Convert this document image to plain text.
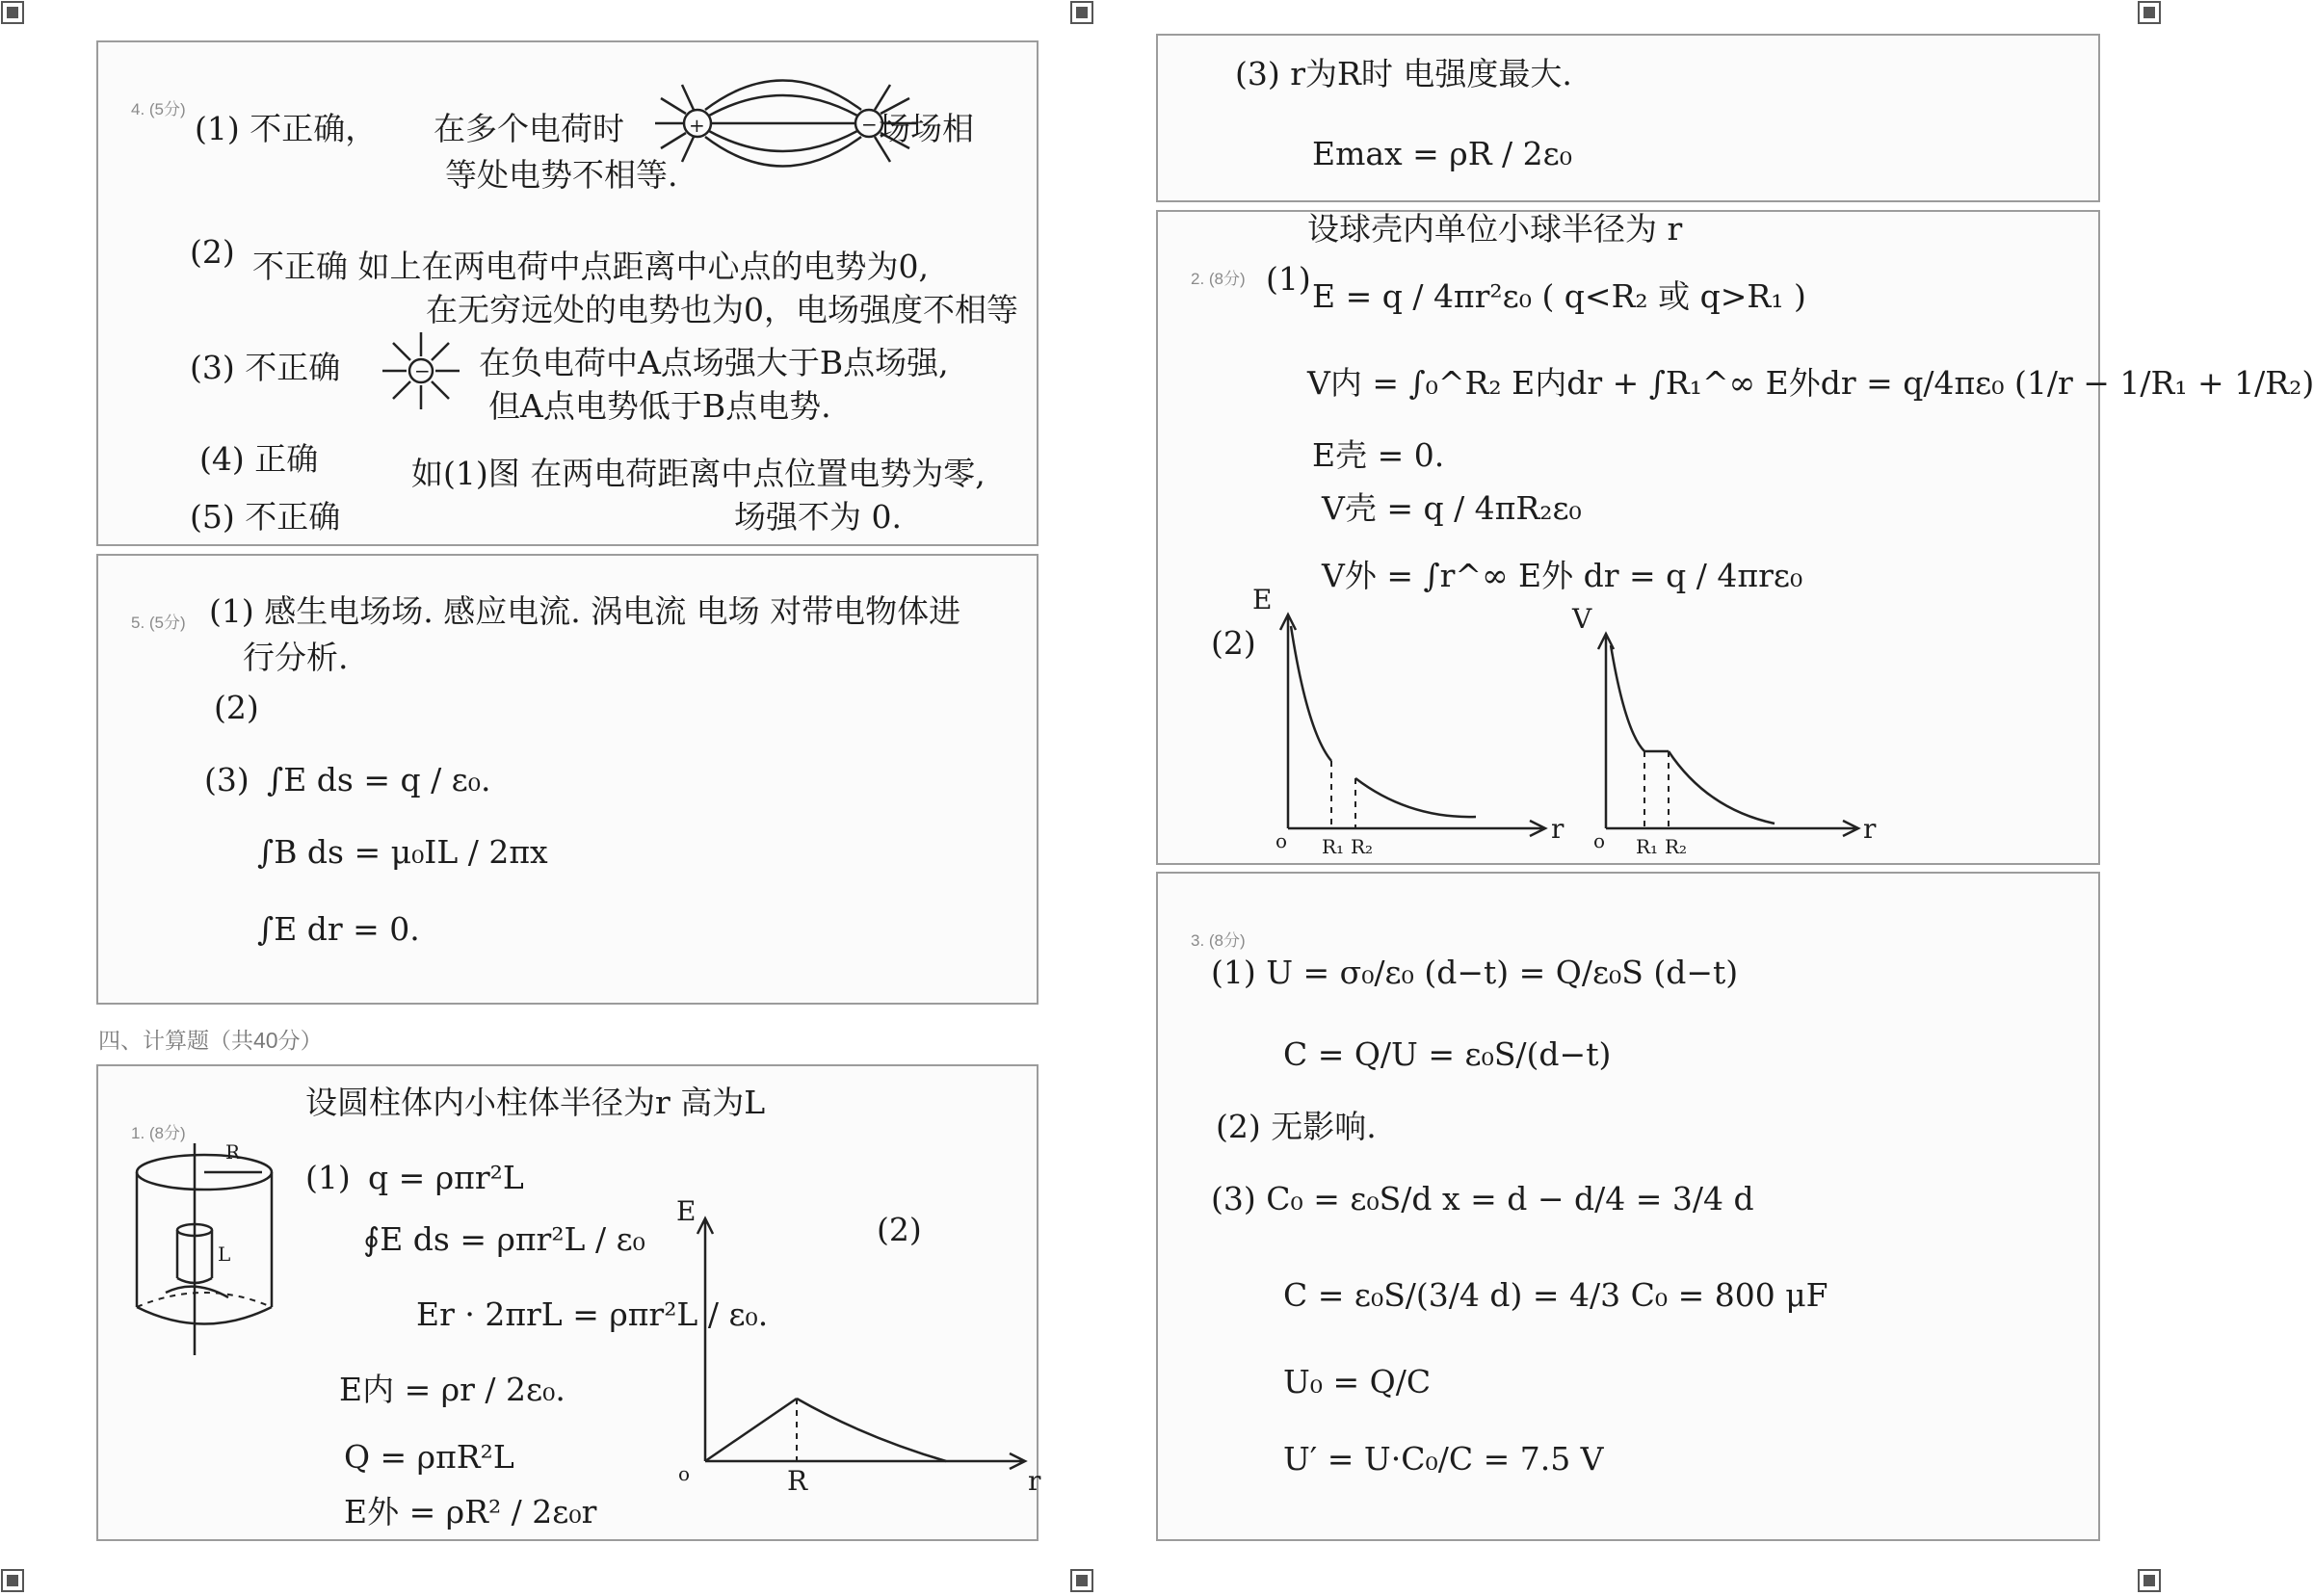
4. (5分)
(1) 不正确， 在多个电荷时	+	− 场场相
等处电势不相等.
(2) 不正确 如上在两电荷中点距离中心点的电势为0,
在无穷远处的电势也为0，电场强度不相等
(3) 不正确	− 在负电荷中A点场强大于B点场强,
但A点电势低于B点电势.
(4) 正确
(5) 不正确
如(1)图 在两电荷距离中点位置电势为零,
场强不为 0.
5. (5分) (1) 感生电场场. 感应电流. 涡电流 电场 对带电物体进
行分析.
(2)
(3) ∫E ds = q / ε₀.
∫B ds = μ₀IL / 2πx
∫E dr = 0.
四、计算题（共40分）
1. (8分)
设圆柱体内小柱体半径为r 高为L
R
L
(1) q = ρπr²L
∮E ds = ρπr²L / ε₀
Er · 2πrL = ρπr²L / ε₀.
E内 = ρr / 2ε₀.
Q = ρπR²L
E外 = ρR² / 2ε₀r
(2)
E
o	R	r
(3) r为R时 电强度最大.
Emax = ρR / 2ε₀
2. (8分)
设球壳内单位小球半径为 r
(1) E = q / 4πr²ε₀ ( q<R₂ 或 q>R₁ )
V内 = ∫₀^R₂ E内dr + ∫R₁^∞ E外dr = q/4πε₀ (1/r − 1/R₁ + 1/R₂)
E壳 = 0.
V壳 = q / 4πR₂ε₀
V外 = ∫r^∞ E外 dr = q / 4πrε₀
(2)
E
o R₁ R₂
r
V
o R₁ R₂
r
3. (8分)
(1) U = σ₀/ε₀ (d−t) = Q/ε₀S (d−t)
C = Q/U = ε₀S/(d−t)
(2) 无影响.
(3) C₀ = ε₀S/d x = d − d/4 = 3/4 d
C = ε₀S/(3/4 d) = 4/3 C₀ = 800 μF
U₀ = Q/C
U′ = U·C₀/C = 7.5 V
